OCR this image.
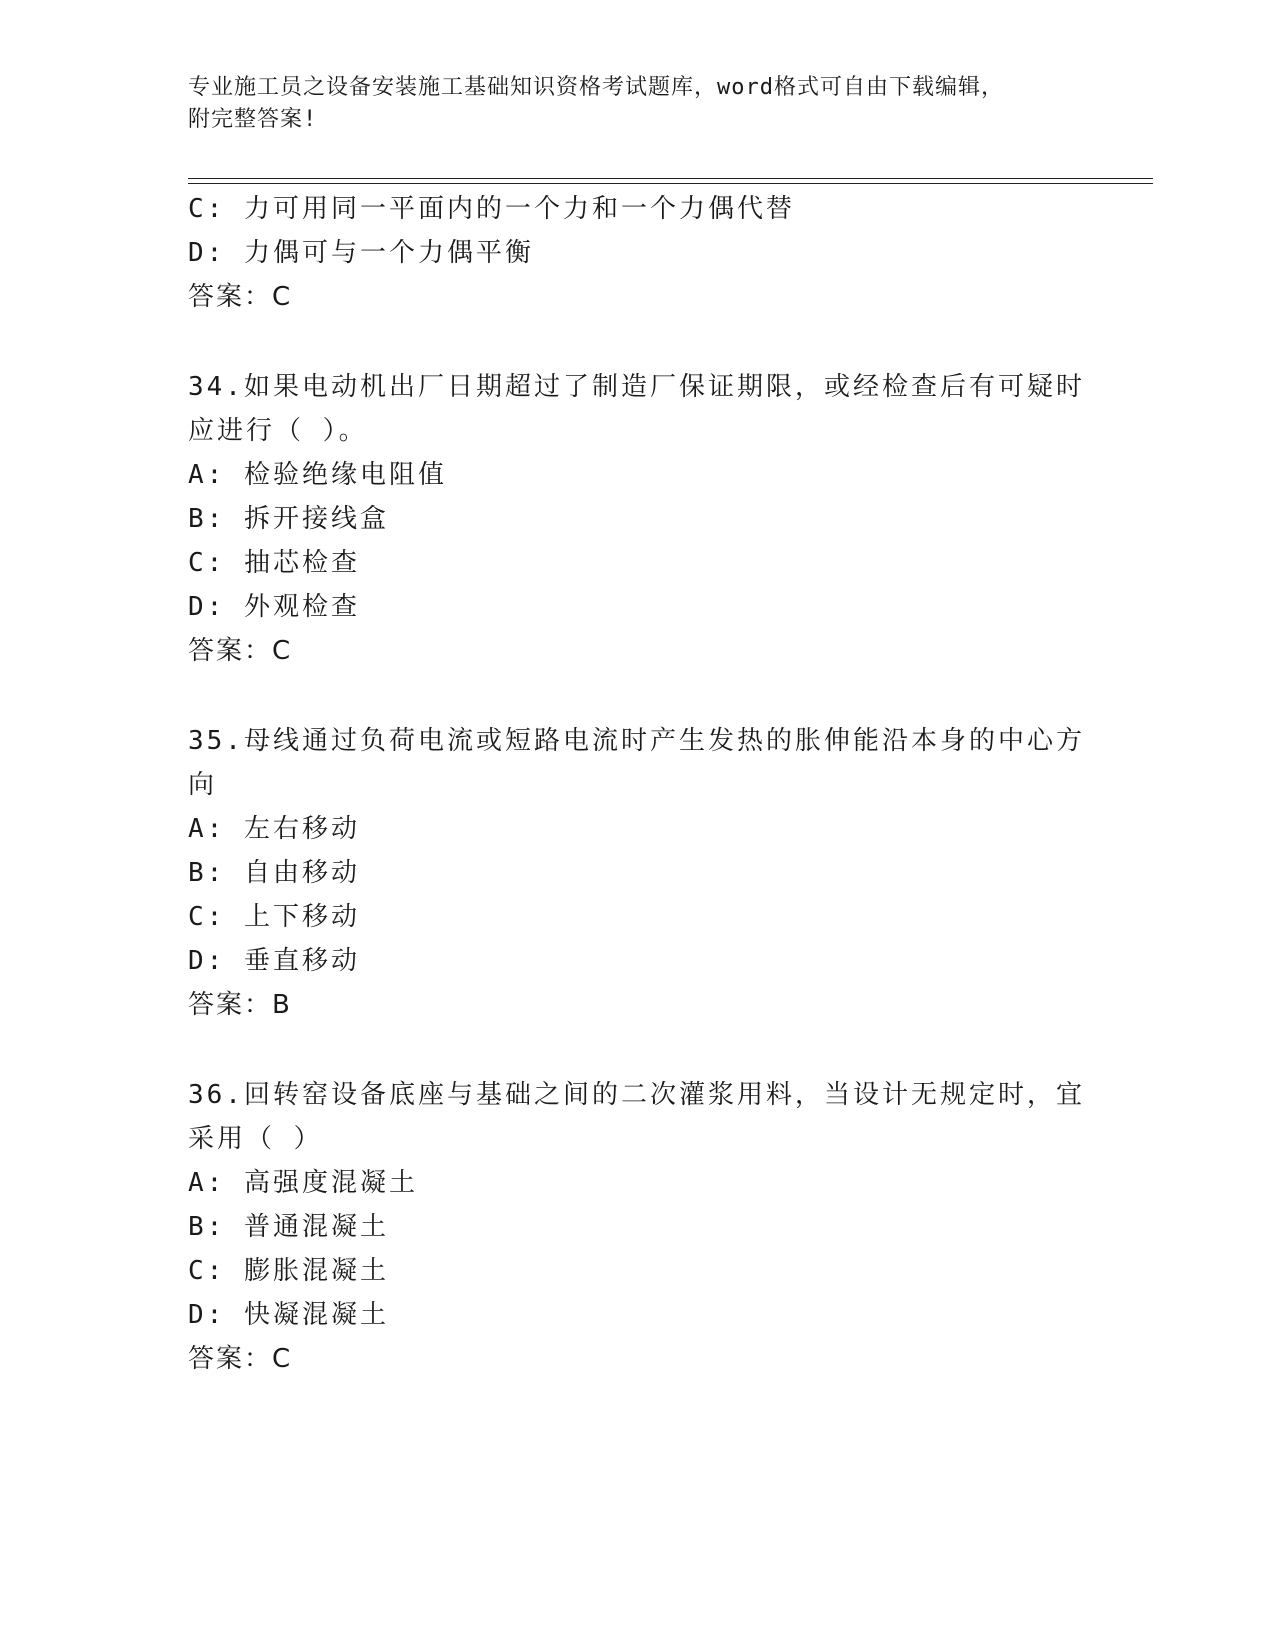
专业施工员之设备安装施工基础知识资格考试题库，word格式可自由下载编辑，
附完整答案!
C: 力可用同一平面内的一个力和一个力偶代替
D: 力偶可与一个力偶平衡
答案：C
34.如果电动机出厂日期超过了制造厂保证期限，或经检查后有可疑时
应进行（ ）。
A: 检验绝缘电阻值
B: 拆开接线盒
C: 抽芯检查
D: 外观检查
答案：C
35.母线通过负荷电流或短路电流时产生发热的胀伸能沿本身的中心方
向
A: 左右移动
B: 自由移动
C: 上下移动
D: 垂直移动
答案：B
36.回转窑设备底座与基础之间的二次灌浆用料，当设计无规定时，宜
采用（ ）
A: 高强度混凝土
B: 普通混凝土
C: 膨胀混凝土
D: 快凝混凝土
答案：C
